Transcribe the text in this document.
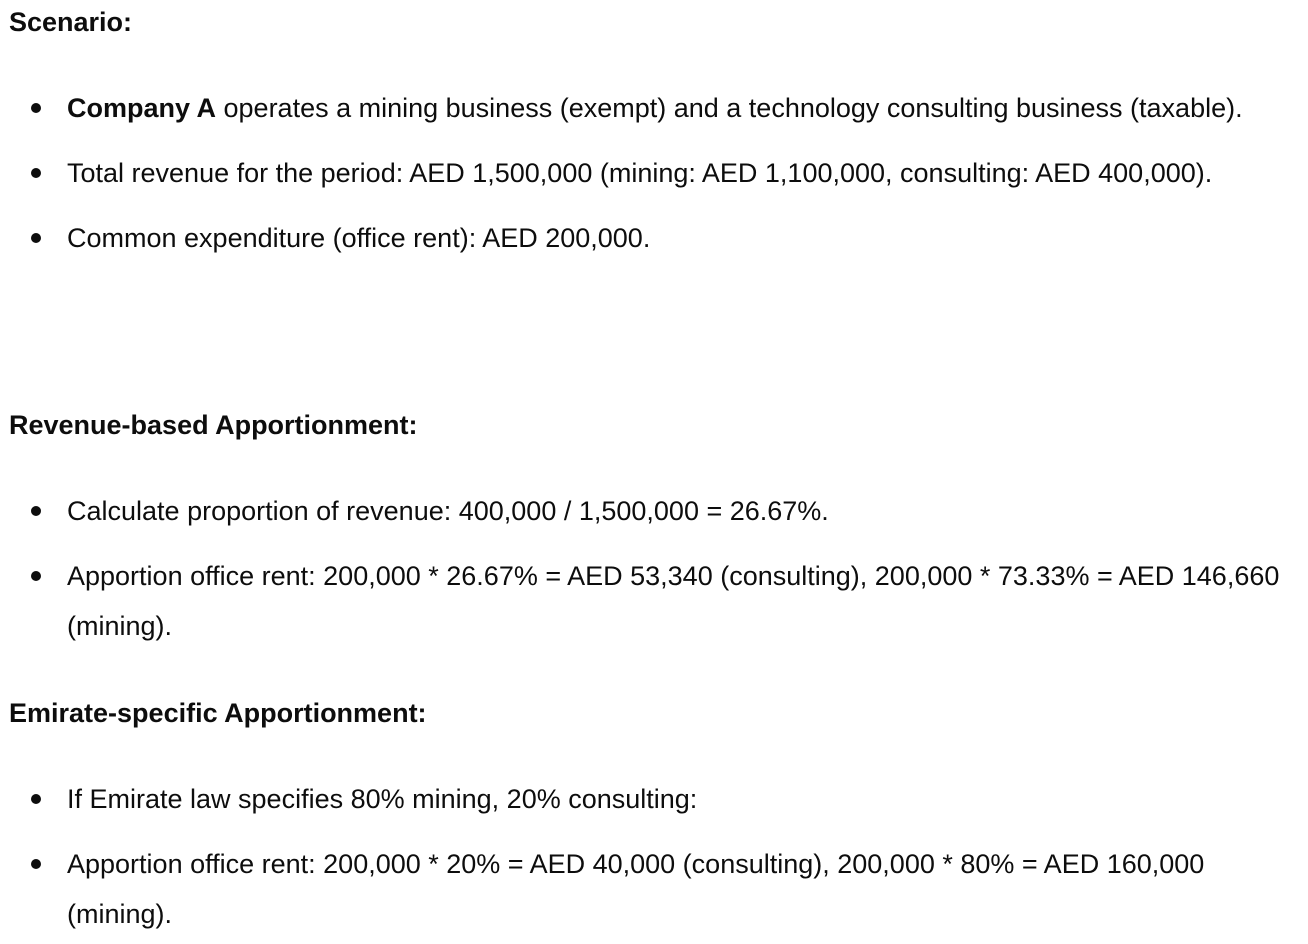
Scenario:
Company A operates a mining business (exempt) and a technology consulting business (taxable).
Total revenue for the period: AED 1,500,000 (mining: AED 1,100,000, consulting: AED 400,000).
Common expenditure (office rent): AED 200,000.
Revenue-based Apportionment:
Calculate proportion of revenue: 400,000 / 1,500,000 = 26.67%.
Apportion office rent: 200,000 * 26.67% = AED 53,340 (consulting), 200,000 * 73.33% = AED 146,660 (mining).
Emirate-specific Apportionment:
If Emirate law specifies 80% mining, 20% consulting:
Apportion office rent: 200,000 * 20% = AED 40,000 (consulting), 200,000 * 80% = AED 160,000 (mining).
